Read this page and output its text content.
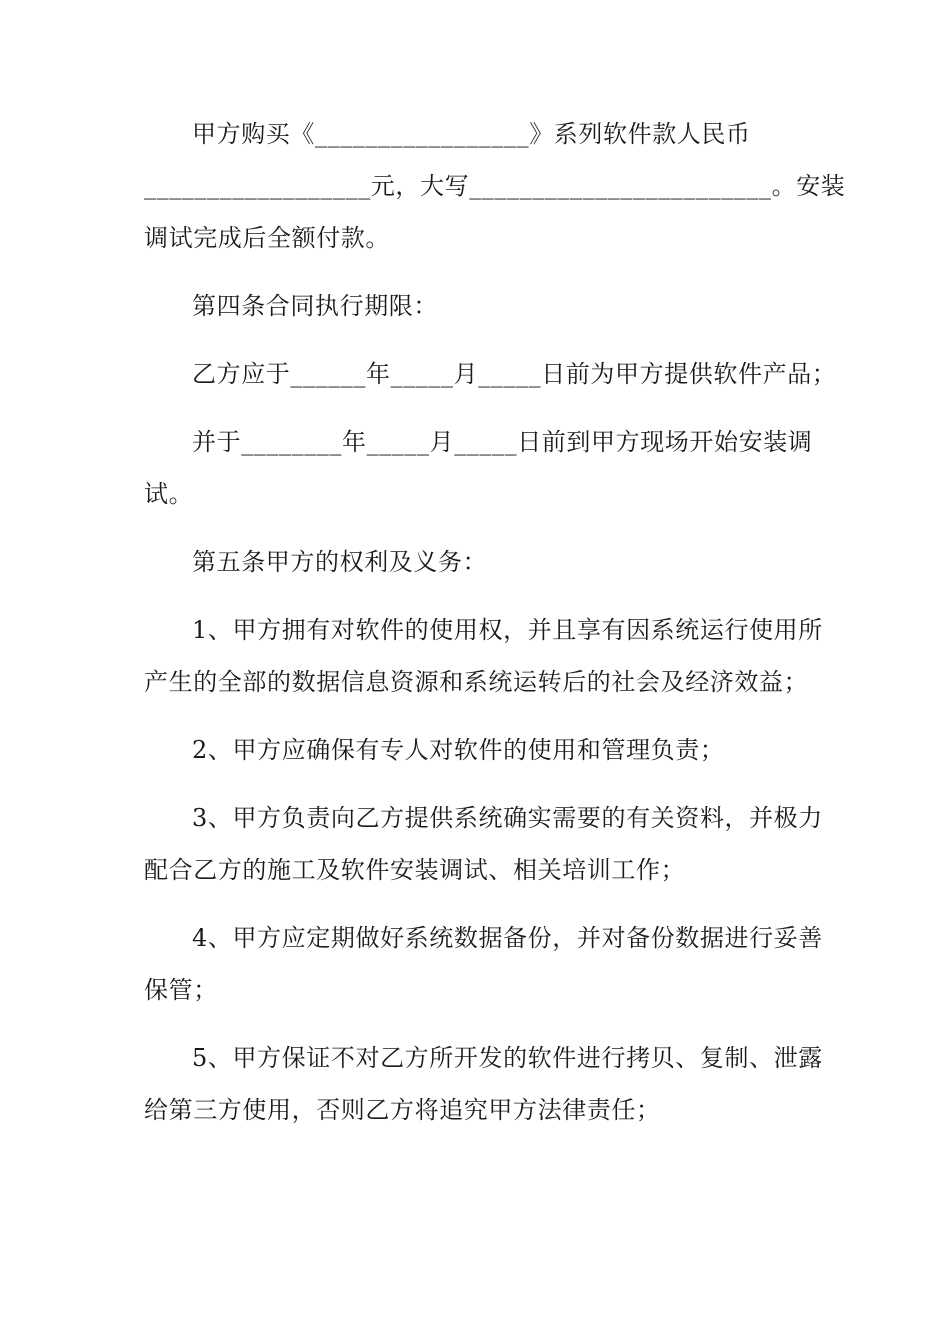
甲方购买《_________________》系列软件款人民币
__________________元，大写________________________。安装
调试完成后全额付款。
第四条合同执行期限：
乙方应于______年_____月_____日前为甲方提供软件产品；
并于________年_____月_____日前到甲方现场开始安装调
试。
第五条甲方的权利及义务：
1、甲方拥有对软件的使用权，并且享有因系统运行使用所
产生的全部的数据信息资源和系统运转后的社会及经济效益；
2、甲方应确保有专人对软件的使用和管理负责；
3、甲方负责向乙方提供系统确实需要的有关资料，并极力
配合乙方的施工及软件安装调试、相关培训工作；
4、甲方应定期做好系统数据备份，并对备份数据进行妥善
保管；
5、甲方保证不对乙方所开发的软件进行拷贝、复制、泄露
给第三方使用，否则乙方将追究甲方法律责任；
